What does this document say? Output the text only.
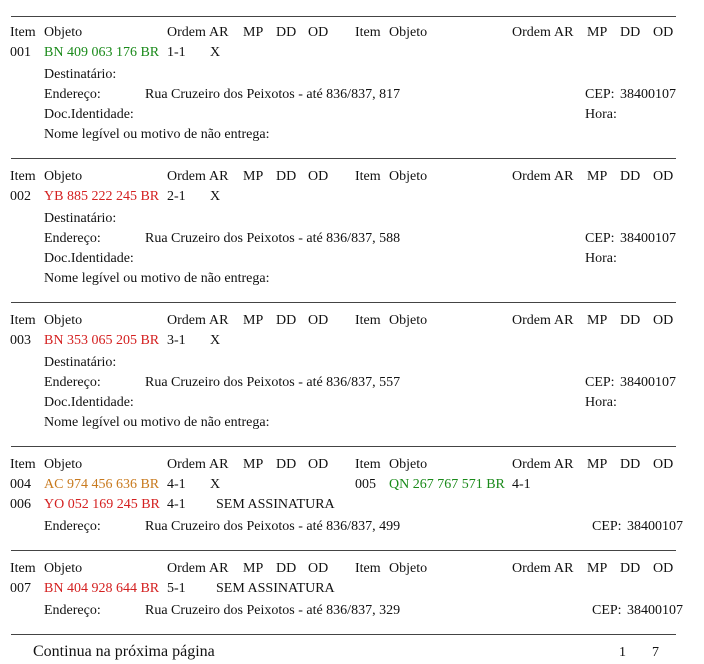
Item Objeto	Ordem AR MP DD OD Item Objeto	Ordem AR MP DD OD
001 BN 409 063 176 BR 1-1 X
Destinatário:
Endereço:	Rua Cruzeiro dos Peixotos - até 836/837, 817	CEP: 38400107
Doc.Identidade:	Hora:
Nome legível ou motivo de não entrega:
Item Objeto	Ordem AR MP DD OD Item Objeto	Ordem AR MP DD OD
002 YB 885 222 245 BR 2-1 X
Destinatário:
Endereço:	Rua Cruzeiro dos Peixotos - até 836/837, 588	CEP: 38400107
Doc.Identidade:	Hora:
Nome legível ou motivo de não entrega:
Item Objeto	Ordem AR MP DD OD Item Objeto	Ordem AR MP DD OD
003 BN 353 065 205 BR 3-1 X
Destinatário:
Endereço:	Rua Cruzeiro dos Peixotos - até 836/837, 557	CEP: 38400107
Doc.Identidade:	Hora:
Nome legível ou motivo de não entrega:
Item Objeto	Ordem AR MP DD OD Item Objeto	Ordem AR MP DD OD
004 AC 974 456 636 BR 4-1 X	005 QN 267 767 571 BR 4-1
006 YO 052 169 245 BR 4-1 SEM ASSINATURA
Endereço:	Rua Cruzeiro dos Peixotos - até 836/837, 499	CEP: 38400107
Item Objeto	Ordem AR MP DD OD Item Objeto	Ordem AR MP DD OD
007 BN 404 928 644 BR 5-1 SEM ASSINATURA
Endereço:	Rua Cruzeiro dos Peixotos - até 836/837, 329	CEP: 38400107
Continua na próxima página	1 7
